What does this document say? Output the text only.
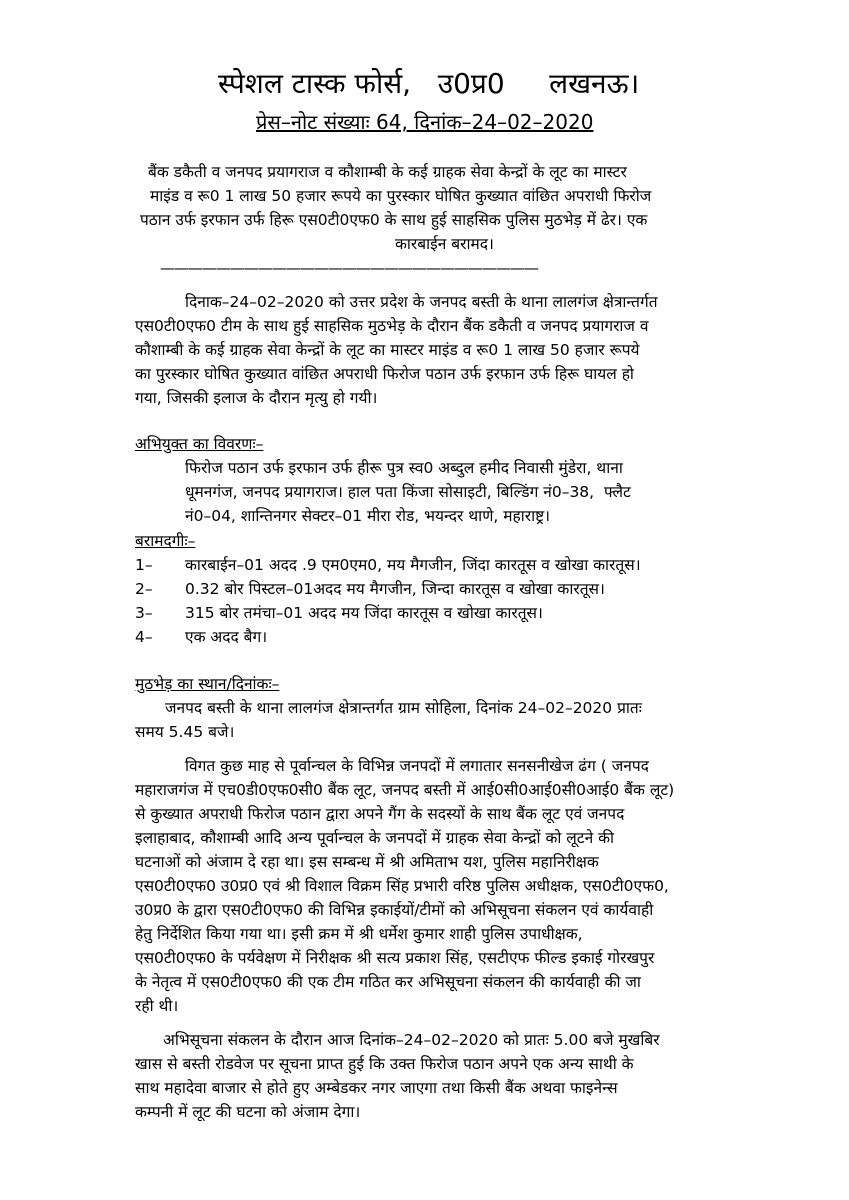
स्पेशल टास्क फोर्स,   उ0प्र0     लखनऊ।
प्रेस–नोट संख्याः 64, दिनांक–24–02–2020
बैंक डकैती व जनपद प्रयागराज व कौशाम्बी के कई ग्राहक सेवा केन्द्रों के लूट का मास्टर
माइंड व रू0 1 लाख 50 हजार रूपये का पुरस्कार घोषित कुख्यात वांछित अपराधी फिरोज
पठान उर्फ इरफान उर्फ हिरू एस0टी0एफ0 के साथ हुई साहसिक पुलिस मुठभेड़ में ढेर। एक
कारबाईन बरामद।
———————————————————————————
दिनाक–24–02–2020 को उत्तर प्रदेश के जनपद बस्ती के थाना लालगंज क्षेत्रान्तर्गत
एस0टी0एफ0 टीम के साथ हुई साहसिक मुठभेड़ के दौरान बैंक डकैती व जनपद प्रयागराज व
कौशाम्बी के कई ग्राहक सेवा केन्द्रों के लूट का मास्टर माइंड व रू0 1 लाख 50 हजार रूपये
का पुरस्कार घोषित कुख्यात वांछित अपराधी फिरोज पठान उर्फ इरफान उर्फ हिरू घायल हो
गया, जिसकी इलाज के दौरान मृत्यु हो गयी।
अभियुक्त का विवरणः–
फिरोज पठान उर्फ इरफान उर्फ हीरू पुत्र स्व0 अब्दुल हमीद निवासी मुंडेरा, थाना
धूमनगंज, जनपद प्रयागराज। हाल पता किंजा सोसाइटी, बिल्डिंग नं0–38,  फ्लैट
नं0–04, शान्तिनगर सेक्टर–01 मीरा रोड, भयन्दर थाणे, महाराष्ट्र।
बरामदगीः–
1– कारबाईन–01 अदद .9 एम0एम0, मय मैगजीन, जिंदा कारतूस व खोखा कारतूस।
2– 0.32 बोर पिस्टल–01अदद मय मैगजीन, जिन्दा कारतूस व खोखा कारतूस।
3– 315 बोर तमंचा–01 अदद मय जिंदा कारतूस व खोखा कारतूस।
4– एक अदद बैग।
मुठभेड़ का स्थान/दिनांकः–
जनपद बस्ती के थाना लालगंज क्षेत्रान्तर्गत ग्राम सोहिला, दिनांक 24–02–2020 प्रातः
समय 5.45 बजे।
विगत कुछ माह से पूर्वान्चल के विभिन्न जनपदों में लगातार सनसनीखेज ढंग ( जनपद
महाराजगंज में एच0डी0एफ0सी0 बैंक लूट, जनपद बस्ती में आई0सी0आई0सी0आई0 बैंक लूट)
से कुख्यात अपराधी फिरोज पठान द्वारा अपने गैंग के सदस्यों के साथ बैंक लूट एवं जनपद
इलाहाबाद, कौशाम्बी आदि अन्य पूर्वान्चल के जनपदों में ग्राहक सेवा केन्द्रों को लूटने की
घटनाओं को अंजाम दे रहा था। इस सम्बन्ध में श्री अमिताभ यश, पुलिस महानिरीक्षक
एस0टी0एफ0 उ0प्र0 एवं श्री विशाल विक्रम सिंह प्रभारी वरिष्ठ पुलिस अधीक्षक, एस0टी0एफ0,
उ0प्र0 के द्वारा एस0टी0एफ0 की विभिन्न इकाईयों/टीमों को अभिसूचना संकलन एवं कार्यवाही
हेतु निर्देशित किया गया था। इसी क्रम में श्री धर्मेश कुमार शाही पुलिस उपाधीक्षक,
एस0टी0एफ0 के पर्यवेक्षण में निरीक्षक श्री सत्य प्रकाश सिंह, एसटीएफ फील्ड इकाई गोरखपुर
के नेतृत्व में एस0टी0एफ0 की एक टीम गठित कर अभिसूचना संकलन की कार्यवाही की जा
रही थी।
अभिसूचना संकलन के दौरान आज दिनांक–24–02–2020 को प्रातः 5.00 बजे मुखबिर
खास से बस्ती रोडवेज पर सूचना प्राप्त हुई कि उक्त फिरोज पठान अपने एक अन्य साथी के
साथ महादेवा बाजार से होते हुए अम्बेडकर नगर जाएगा तथा किसी बैंक अथवा फाइनेन्स
कम्पनी में लूट की घटना को अंजाम देगा।
